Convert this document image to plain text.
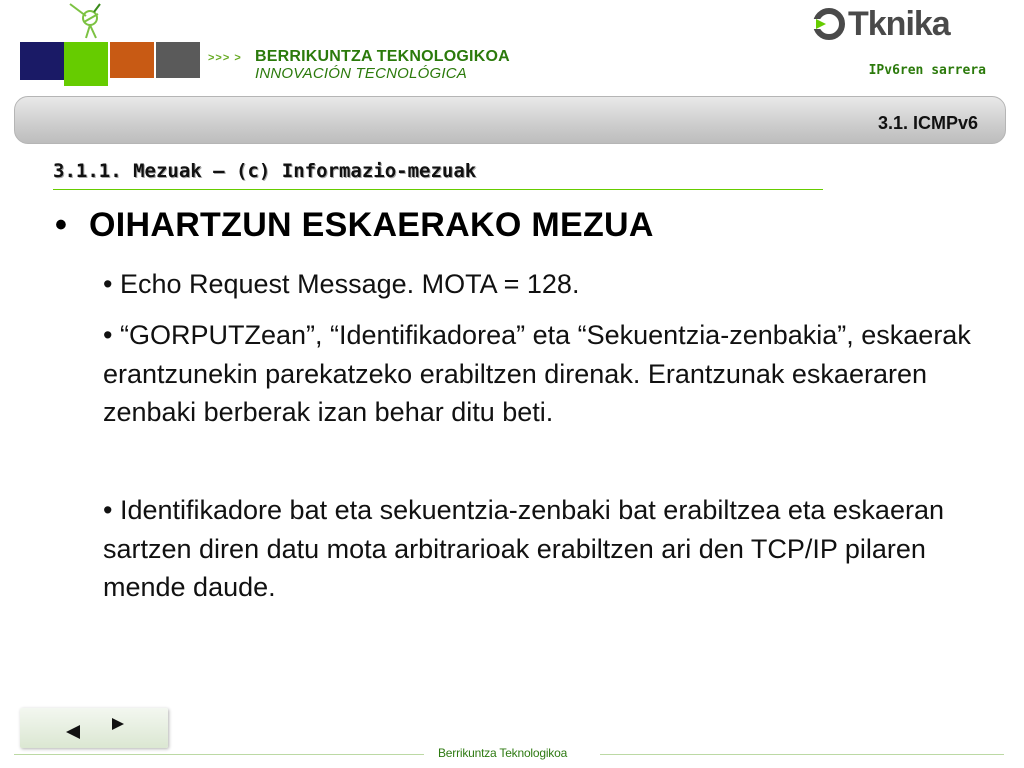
>>> > BERRIKUNTZA TEKNOLOGIKOA
INNOVACIÓN TECNOLÓGICA
Tknika
IPv6ren sarrera
3.1. ICMPv6
3.1.1. Mezuak – (c) Informazio-mezuak
• OIHARTZUN ESKAERAKO MEZUA
• Echo Request Message. MOTA = 128.
• “GORPUTZean”, “Identifikadorea” eta “Sekuentzia-zenbakia”, eskaerak erantzunekin parekatzeko erabiltzen direnak. Erantzunak eskaeraren zenbaki berberak izan behar ditu beti.
• Identifikadore bat eta sekuentzia-zenbaki bat erabiltzea eta eskaeran sartzen diren datu mota arbitrarioak erabiltzen ari den TCP/IP pilaren mende daude.
Berrikuntza Teknologikoa
